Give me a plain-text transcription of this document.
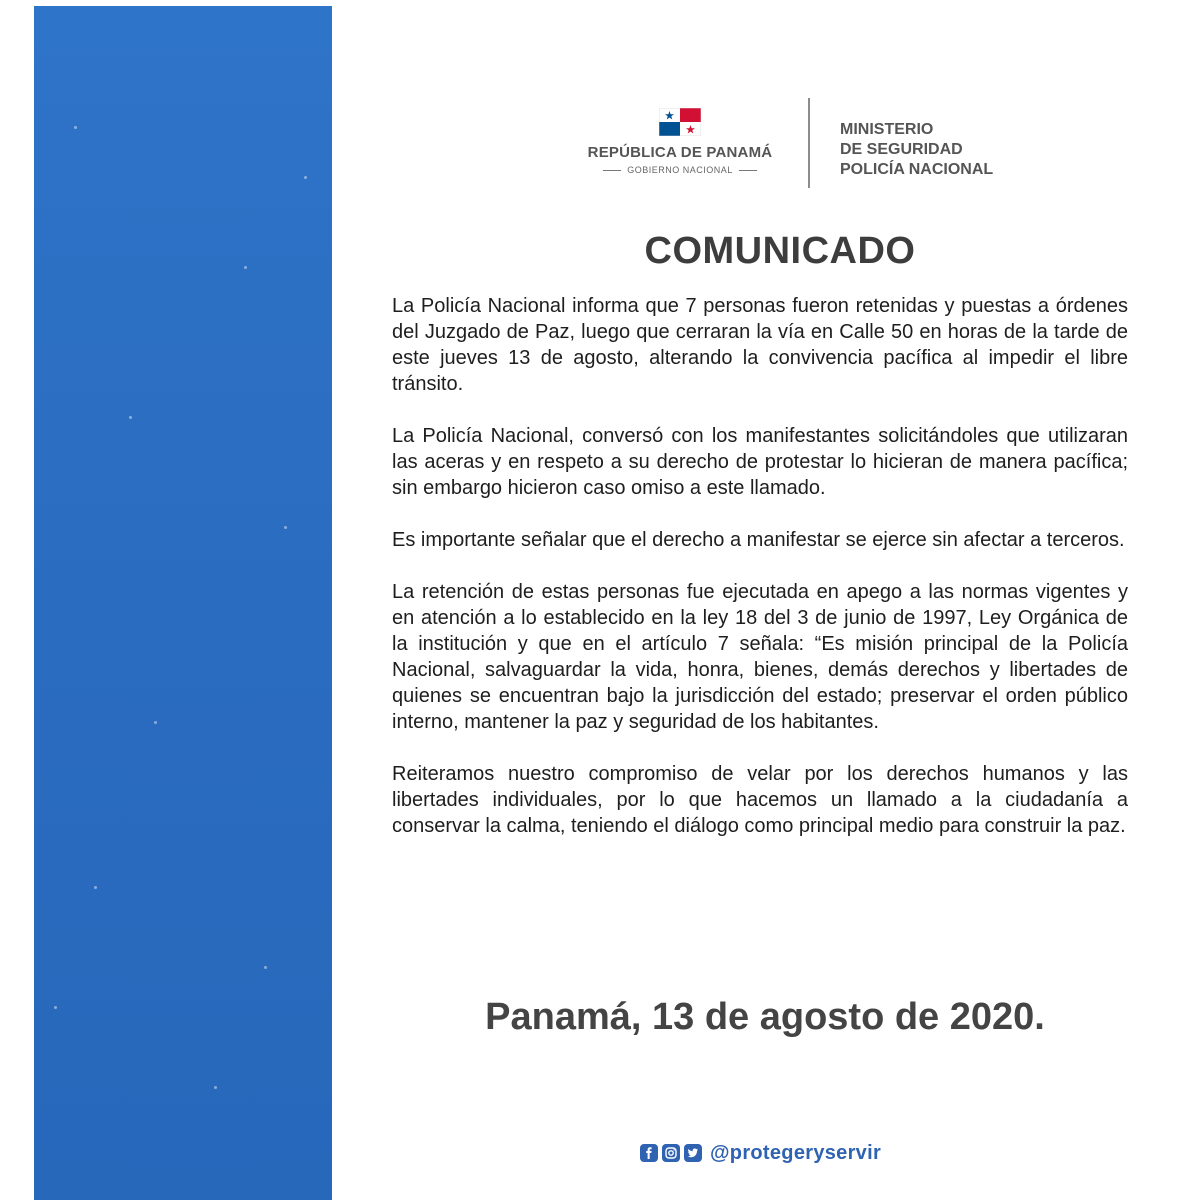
REPÚBLICA DE PANAMÁ
GOBIERNO NACIONAL
MINISTERIO
DE SEGURIDAD
POLICÍA NACIONAL
COMUNICADO

La Policía Nacional informa que 7 personas fueron retenidas y puestas a órdenes del Juzgado de Paz, luego que cerraran la vía en Calle 50 en horas de la tarde de este jueves 13 de agosto, alterando la convivencia pacífica al impedir el libre tránsito.

La Policía Nacional, conversó con los manifestantes solicitándoles que utilizaran las aceras y en respeto a su derecho de protestar lo hicieran de manera pacífica; sin embargo hicieron caso omiso a este llamado.

Es importante señalar que el derecho a manifestar se ejerce sin afectar a terceros.

La retención de estas personas fue ejecutada en apego a las normas vigentes y en atención a lo establecido en la ley 18 del 3 de junio de 1997, Ley Orgánica de la institución y que en el artículo 7 señala: “Es misión principal de la Policía Nacional, salvaguardar la vida, honra, bienes, demás derechos y libertades de quienes se encuentran bajo la jurisdicción del estado; preservar el orden público interno, mantener la paz y seguridad de los habitantes.

Reiteramos nuestro compromiso de velar por los derechos humanos y las libertades individuales, por lo que hacemos un llamado a la ciudadanía a conservar la calma, teniendo el diálogo como principal medio para construir la paz.

Panamá, 13 de agosto de 2020.
@protegeryservir
